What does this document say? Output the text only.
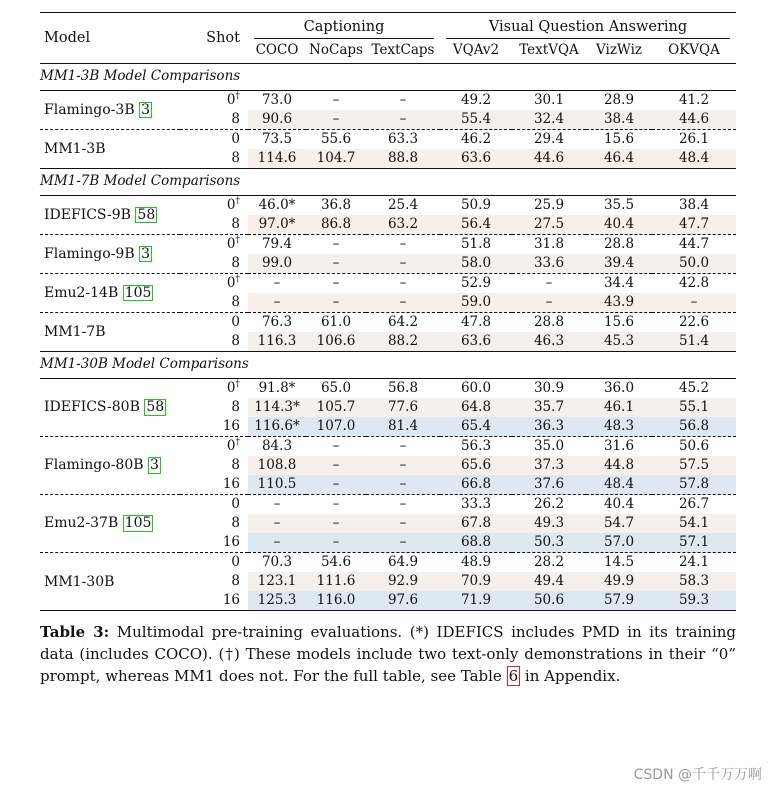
Model	Shot	Captioning			Visual Question Answering			

		COCO	NoCaps	TextCaps	VQAv2	TextVQA	VizWiz	OKVQA
MM1-3B Model Comparisons								
Flamingo-3B 3	0†	73.0	–	–	49.2	30.1	28.9	41.2
	8	90.6	–	–	55.4	32.4	38.4	44.6
MM1-3B	0	73.5	55.6	63.3	46.2	29.4	15.6	26.1
	8	114.6	104.7	88.8	63.6	44.6	46.4	48.4
MM1-7B Model Comparisons								
IDEFICS-9B 58	0†	46.0*	36.8	25.4	50.9	25.9	35.5	38.4
	8	97.0*	86.8	63.2	56.4	27.5	40.4	47.7
Flamingo-9B 3	0†	79.4	–	–	51.8	31.8	28.8	44.7
	8	99.0	–	–	58.0	33.6	39.4	50.0
Emu2-14B 105	0†	–	–	–	52.9	–	34.4	42.8
	8	–	–	–	59.0	–	43.9	–
MM1-7B	0	76.3	61.0	64.2	47.8	28.8	15.6	22.6
	8	116.3	106.6	88.2	63.6	46.3	45.3	51.4
MM1-30B Model Comparisons								
IDEFICS-80B 58	0†	91.8*	65.0	56.8	60.0	30.9	36.0	45.2
	8	114.3*	105.7	77.6	64.8	35.7	46.1	55.1
	16	116.6*	107.0	81.4	65.4	36.3	48.3	56.8
Flamingo-80B 3	0†	84.3	–	–	56.3	35.0	31.6	50.6
	8	108.8	–	–	65.6	37.3	44.8	57.5
	16	110.5	–	–	66.8	37.6	48.4	57.8
Emu2-37B 105	0	–	–	–	33.3	26.2	40.4	26.7
	8	–	–	–	67.8	49.3	54.7	54.1
	16	–	–	–	68.8	50.3	57.0	57.1
MM1-30B	0	70.3	54.6	64.9	48.9	28.2	14.5	24.1
	8	123.1	111.6	92.9	70.9	49.4	49.9	58.3
	16	125.3	116.0	97.6	71.9	50.6	57.9	59.3
Table 3: Multimodal pre-training evaluations. (*) IDEFICS includes PMD in its training data (includes COCO). (†) These models include two text-only demonstrations in their “0” prompt, whereas MM1 does not. For the full table, see Table 6 in Appendix.
CSDN @千千万万啊
